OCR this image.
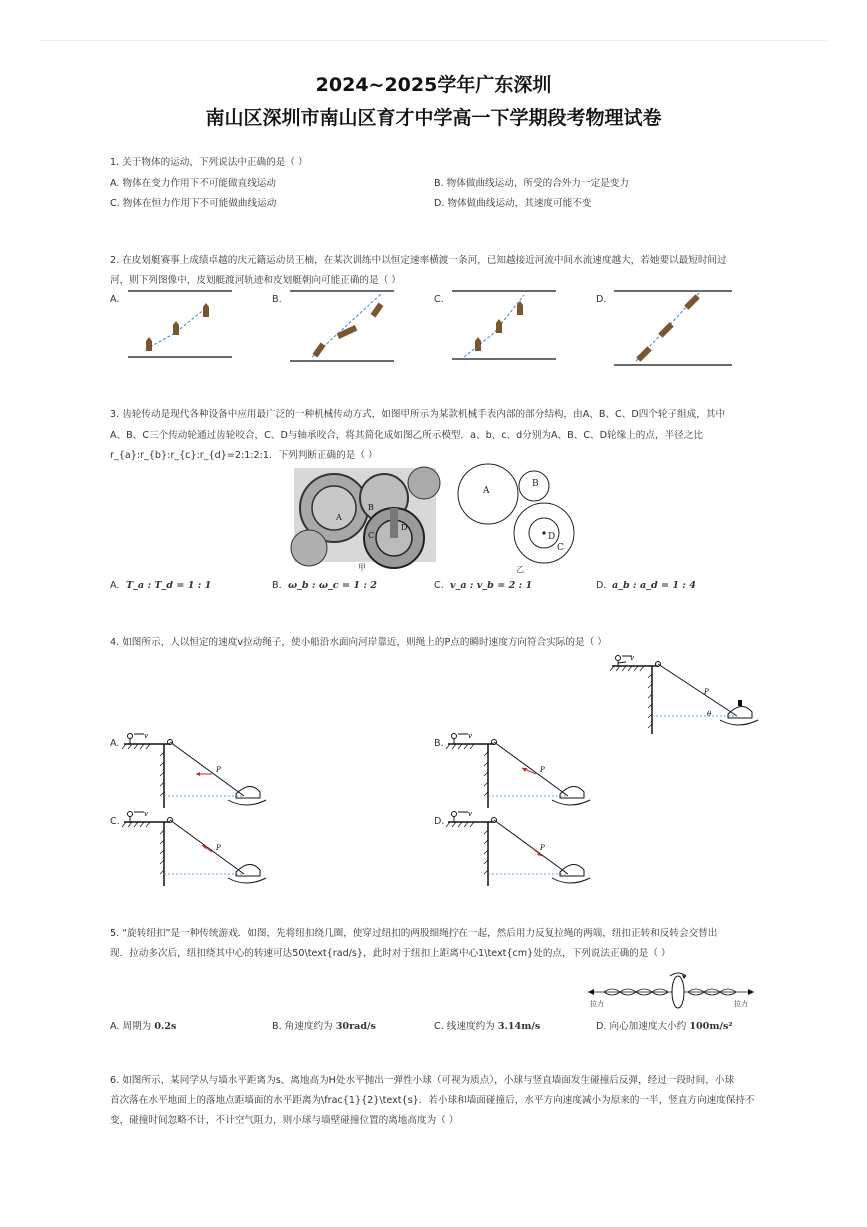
2024~2025学年广东深圳
南山区深圳市南山区育才中学高一下学期段考物理试卷
1. 关于物体的运动，下列说法中正确的是（ ）
A. 物体在变力作用下不可能做直线运动	B. 物体做曲线运动，所受的合外力一定是变力
C. 物体在恒力作用下不可能做曲线运动	D. 物体做曲线运动，其速度可能不变
2. 在皮划艇赛事上成绩卓越的庆元籍运动员王楠，在某次训练中以恒定速率横渡一条河，已知越接近河流中间水流速度越大，若她要以最短时间过
河，则下列图像中，皮划艇渡河轨迹和皮划艇朝向可能正确的是（ ）
A.	B.	C.	D.
3. 齿轮传动是现代各种设备中应用最广泛的一种机械传动方式，如图甲所示为某款机械手表内部的部分结构，由A、B、C、D四个轮子组成，其中
A、B、C三个传动轮通过齿轮咬合，C、D与轴承咬合，将其简化成如图乙所示模型．a、b、c、d分别为A、B、C、D轮缘上的点，半径之比
r_{a}:r_{b}:r_{c}:r_{d}=2:1:2:1．下列判断正确的是（ ）
A
B
C
D
甲
A
B
D
C
乙
A. T_a : T_d = 1 : 1	B. ω_b : ω_c = 1 : 2	C. v_a : v_b = 2 : 1	D. a_b : a_d = 1 : 4
4. 如图所示，人以恒定的速度v拉动绳子，使小船沿水面向河岸靠近，则绳上的P点的瞬时速度方向符合实际的是（ ）
v
P
θ
A.	B.
C.	D.
v
P
v
P
v
P
v
P
5. “旋转纽扣”是一种传统游戏．如图，先将纽扣绕几圈，使穿过纽扣的两股细绳拧在一起，然后用力反复拉绳的两端，纽扣正转和反转会交替出
现．拉动多次后，纽扣绕其中心的转速可达50\text{rad/s}，此时对于纽扣上距离中心1\text{cm}处的点，下列说法正确的是（ ）
拉力	拉力
A. 周期为 0.2s	B. 角速度约为 30rad/s	C. 线速度约为 3.14m/s	D. 向心加速度大小约 100m/s²
6. 如图所示，某同学从与墙水平距离为s、离地高为H处水平抛出一弹性小球（可视为质点），小球与竖直墙面发生碰撞后反弹，经过一段时间，小球
首次落在水平地面上的落地点距墙面的水平距离为\frac{1}{2}\text{s}．若小球和墙面碰撞后，水平方向速度减小为原来的一半，竖直方向速度保持不
变，碰撞时间忽略不计，不计空气阻力，则小球与墙壁碰撞位置的离地高度为（ ）
